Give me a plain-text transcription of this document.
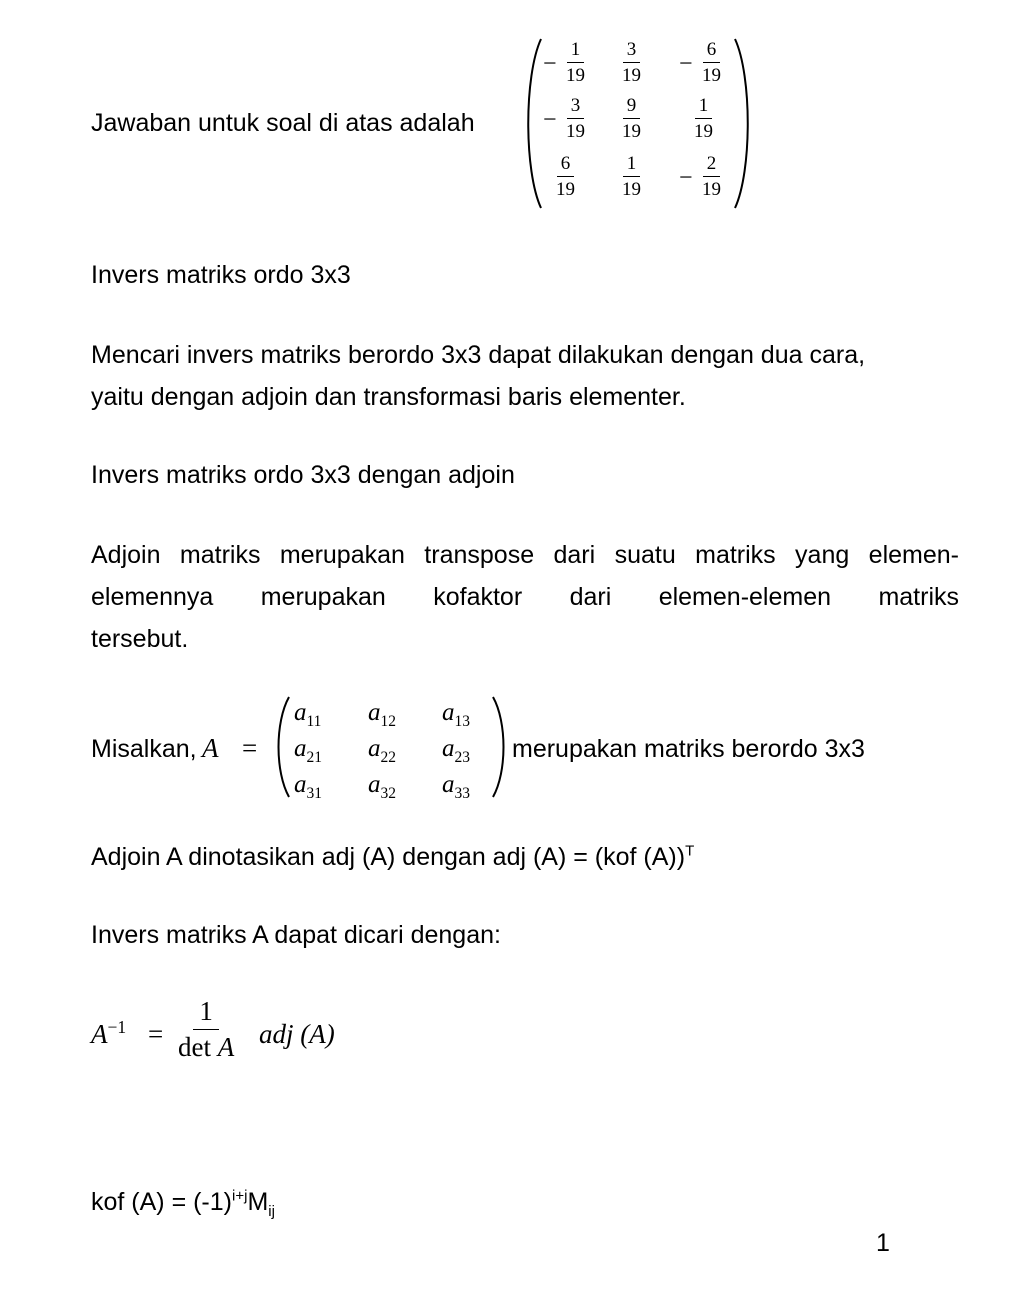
Jawaban untuk soal di atas adalah
− $\frac{1}{19} \frac{3}{19} - \frac{6}{19}$
− $\frac{3}{19} \frac{9}{19}$	$\frac{1}{19}$
$\frac{6}{19} \frac{1}{19} - \frac{2}{19}$
Invers matriks ordo 3x3
Mencari invers matriks berordo 3x3 dapat dilakukan dengan dua cara,
yaitu dengan adjoin dan transformasi baris elementer.
Invers matriks ordo 3x3 dengan adjoin
Adjoin matriks merupakan transpose dari suatu matriks yang elemen-
elemennya merupakan kofaktor dari elemen-elemen matriks
tersebut.
Misalkan, A =
$a_{11}$ $a_{12}$ $a_{13}$
$a_{21}$ $a_{22}$ $a_{23}$
$a_{31}$ $a_{32}$ $a_{33}$
merupakan matriks berordo 3x3
Adjoin A dinotasikan adj (A) dengan adj (A) = (kof (A))$^T$
Invers matriks A dapat dicari dengan:
$A^{-1}$ =
1
det A adj (A)
kof $(A) = (-1)^{i+j}M_{ij}$
1
